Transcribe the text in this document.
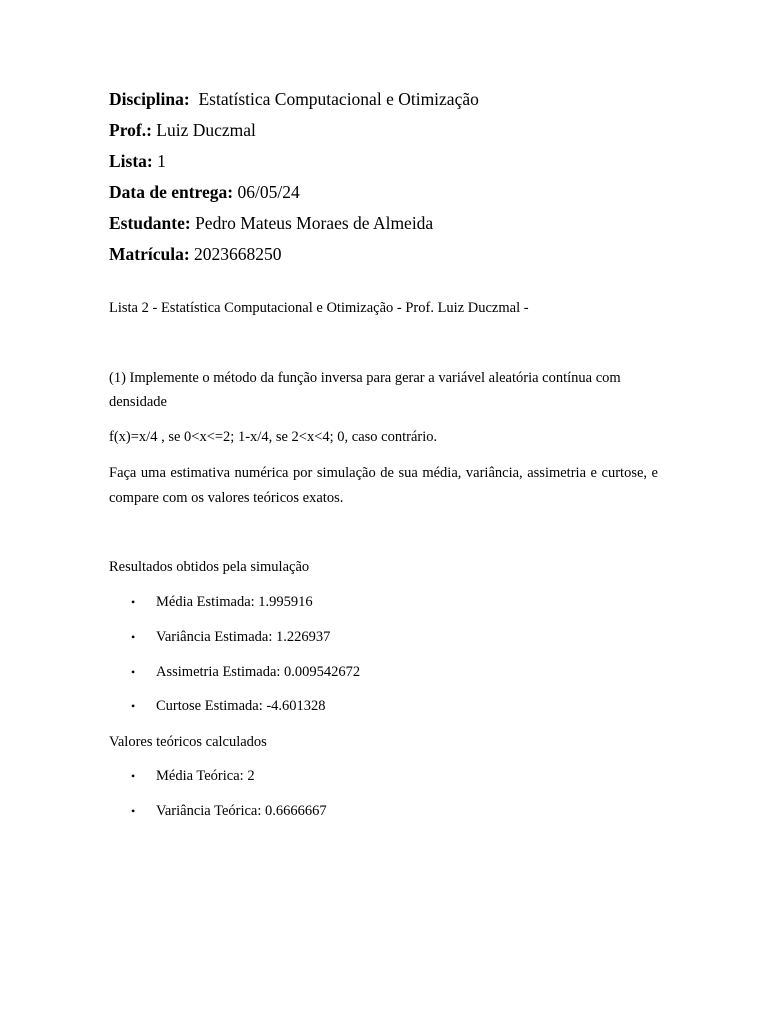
Disciplina: Estatística Computacional e Otimização
Prof.: Luiz Duczmal
Lista: 1
Data de entrega: 06/05/24
Estudante: Pedro Mateus Moraes de Almeida
Matrícula: 2023668250
Lista 2 - Estatística Computacional e Otimização - Prof. Luiz Duczmal -
(1) Implemente o método da função inversa para gerar a variável aleatória contínua com densidade
f(x)=x/4 , se 0<x<=2; 1-x/4, se 2<x<4; 0, caso contrário.
Faça uma estimativa numérica por simulação de sua média, variância, assimetria e curtose, e compare com os valores teóricos exatos.
Resultados obtidos pela simulação
• Média Estimada: 1.995916
• Variância Estimada: 1.226937
• Assimetria Estimada: 0.009542672
• Curtose Estimada: -4.601328
Valores teóricos calculados
• Média Teórica: 2
• Variância Teórica: 0.6666667
